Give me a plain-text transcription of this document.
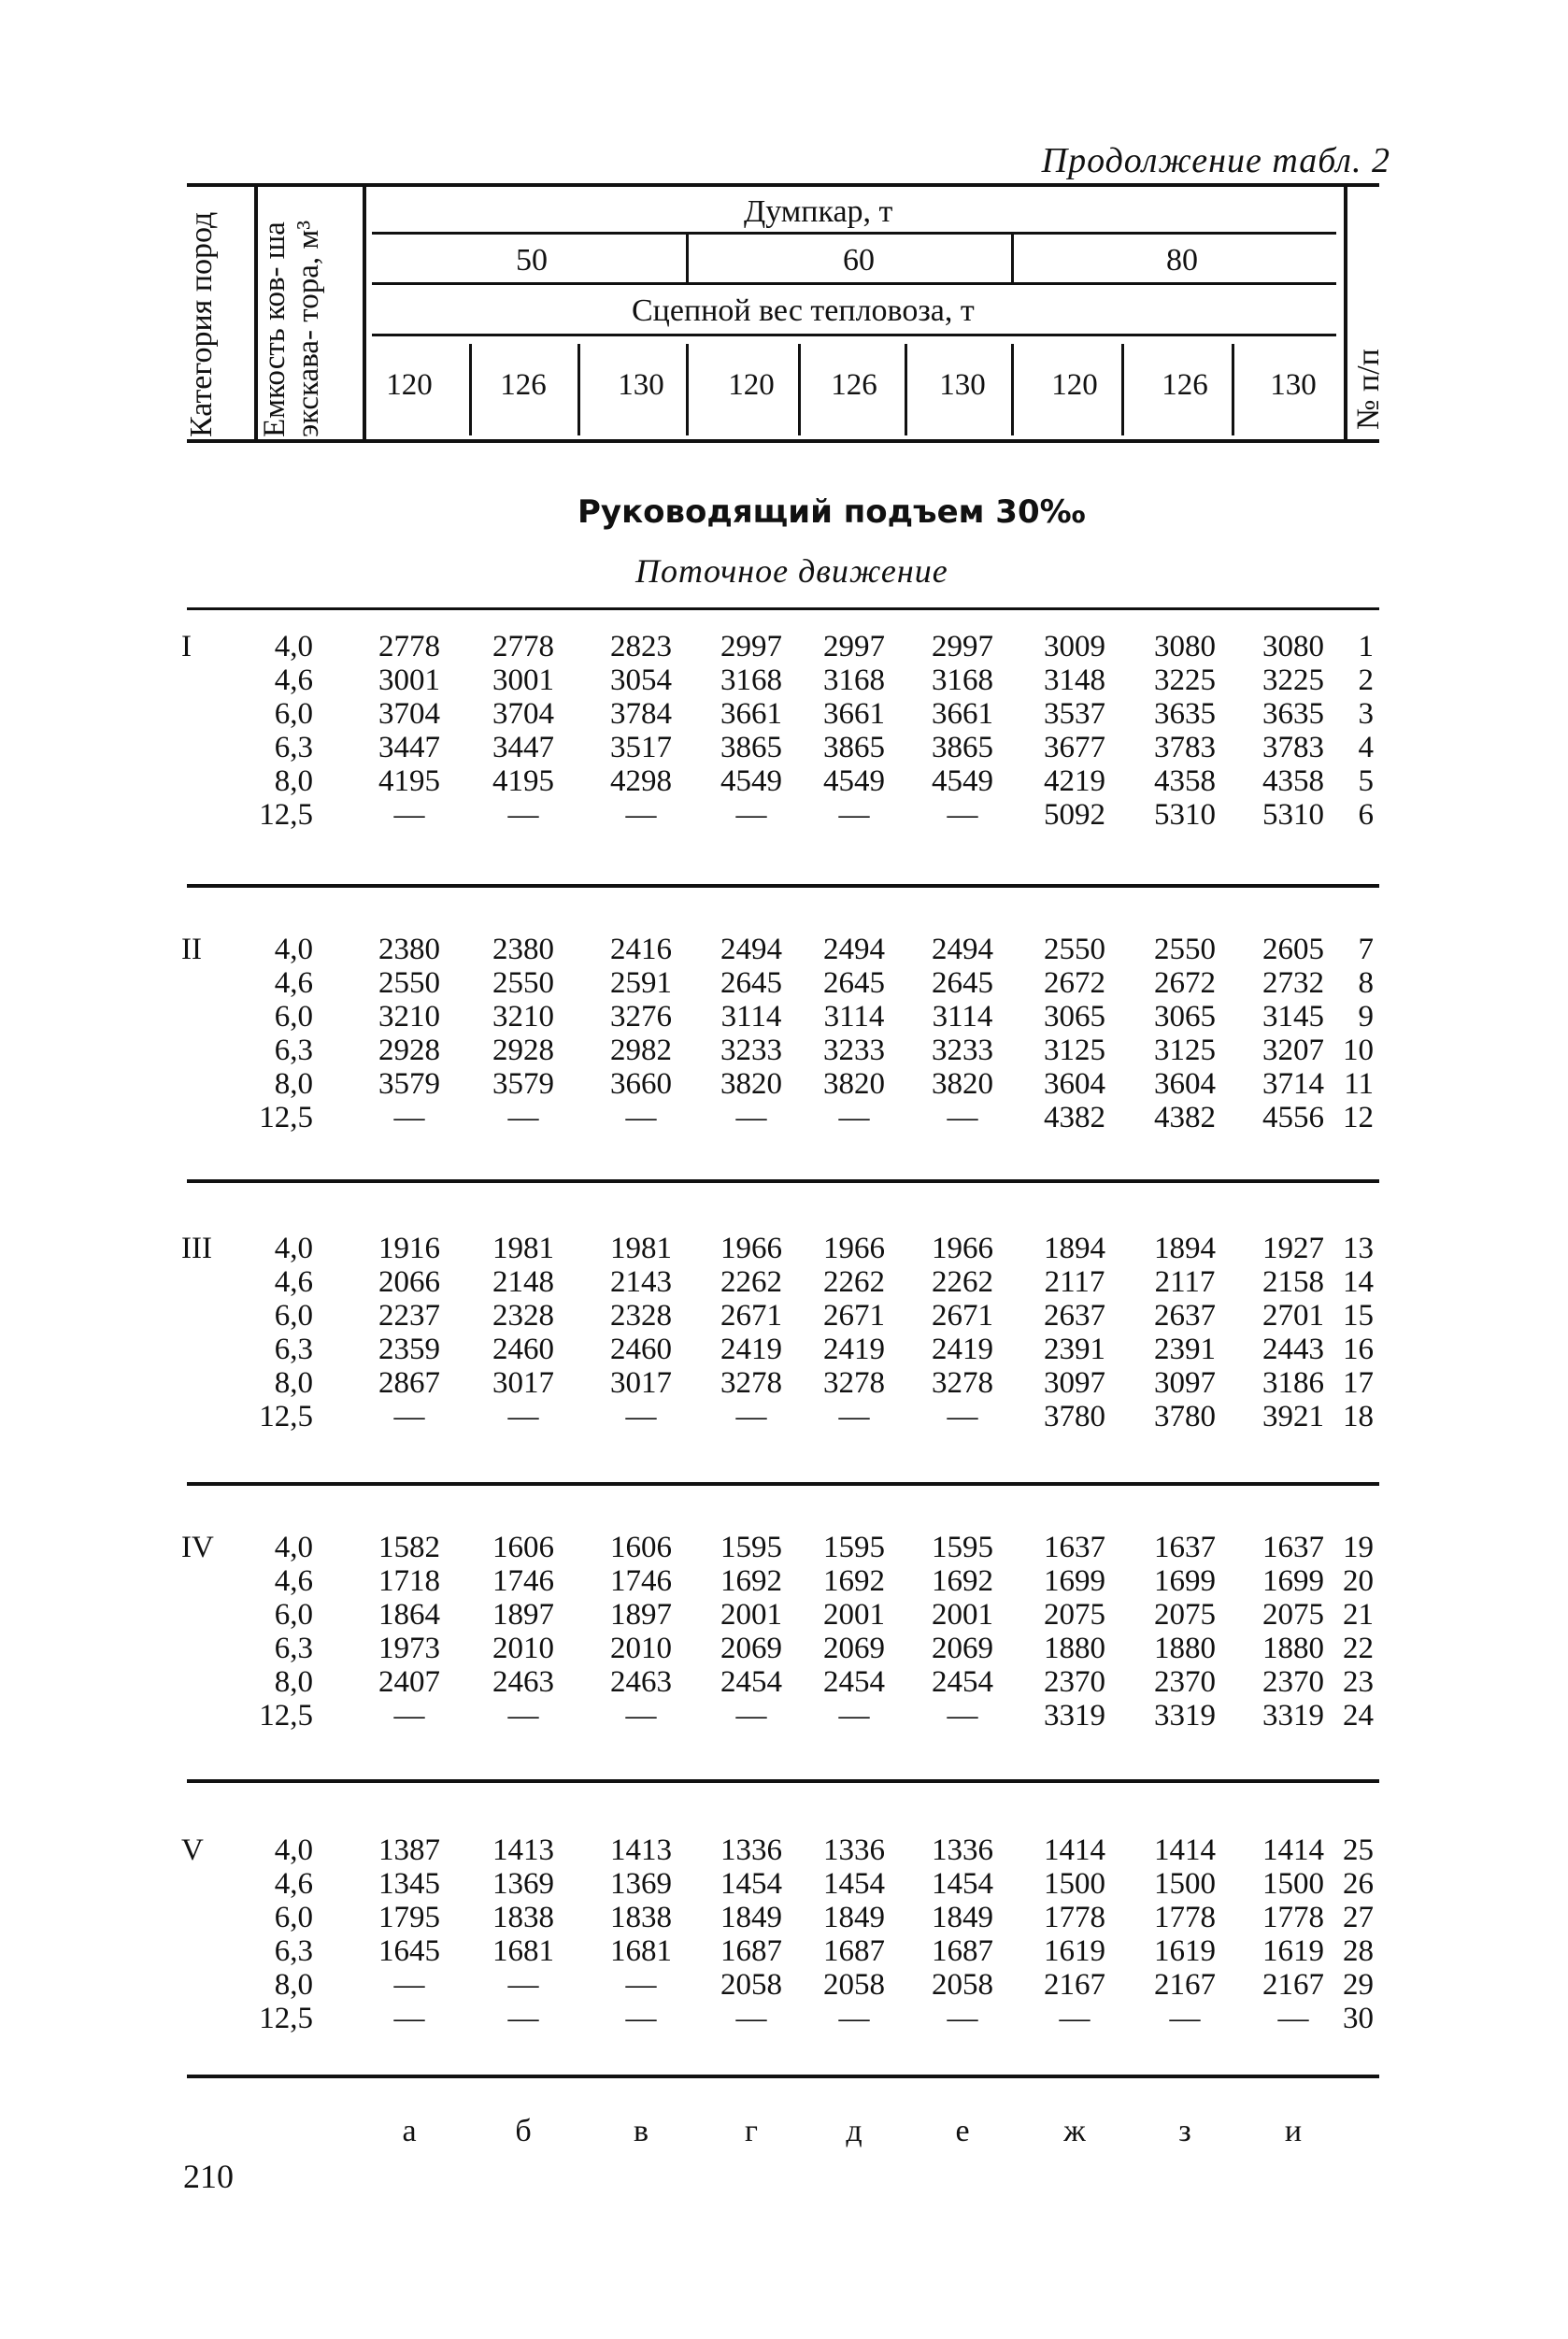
Продолжение табл. 2
Категория пород Емкость ков- ша экскава- тора, м³	№ п/п
Думпкар, т
50	60	80
Сцепной вес тепловоза, т
120	126	130	120	126	130	120	126	130
Руководящий подъем 30‰
Поточное движение
I	4,0	2778	2778	2823	2997	2997	2997	3009	3080	3080	1
4,6	3001	3001	3054	3168	3168	3168	3148	3225	3225	2
6,0	3704	3704	3784	3661	3661	3661	3537	3635	3635	3
6,3	3447	3447	3517	3865	3865	3865	3677	3783	3783	4
8,0	4195	4195	4298	4549	4549	4549	4219	4358	4358	5
12,5	—	—	—	—	—	—	5092	5310	5310	6
II 4,0	2380	2380	2416	2494	2494	2494	2550	2550	2605	7
4,6	2550	2550	2591	2645	2645	2645	2672	2672	2732	8
6,0	3210	3210	3276	3114	3114	3114	3065	3065	3145	9
6,3	2928	2928	2982	3233	3233	3233	3125	3125	3207 10
8,0	3579	3579	3660	3820	3820	3820	3604	3604	3714 11
12,5	—	—	—	—	—	—	4382	4382	4556 12
III 4,0	1916	1981	1981	1966	1966	1966	1894	1894	1927 13
4,6	2066	2148	2143	2262	2262	2262	2117	2117	2158 14
6,0	2237	2328	2328	2671	2671	2671	2637	2637	2701 15
6,3	2359	2460	2460	2419	2419	2419	2391	2391	2443 16
8,0	2867	3017	3017	3278	3278	3278	3097	3097	3186 17
12,5	—	—	—	—	—	—	3780	3780	3921 18
IV 4,0	1582	1606	1606	1595	1595	1595	1637	1637	1637 19
4,6	1718	1746	1746	1692	1692	1692	1699	1699	1699 20
6,0	1864	1897	1897	2001	2001	2001	2075	2075	2075 21
6,3	1973	2010	2010	2069	2069	2069	1880	1880	1880 22
8,0	2407	2463	2463	2454	2454	2454	2370	2370	2370 23
12,5	—	—	—	—	—	—	3319	3319	3319 24
V 4,0	1387	1413	1413	1336	1336	1336	1414	1414	1414 25
4,6	1345	1369	1369	1454	1454	1454	1500	1500	1500 26
6,0	1795	1838	1838	1849	1849	1849	1778	1778	1778 27
6,3	1645	1681	1681	1687	1687	1687	1619	1619	1619 28
8,0	—	—	—	2058	2058	2058	2167	2167	2167 29
12,5	—	—	—	—	—	—	—	—	—	30
а	б	в	г	д	е	ж	з	и
210
